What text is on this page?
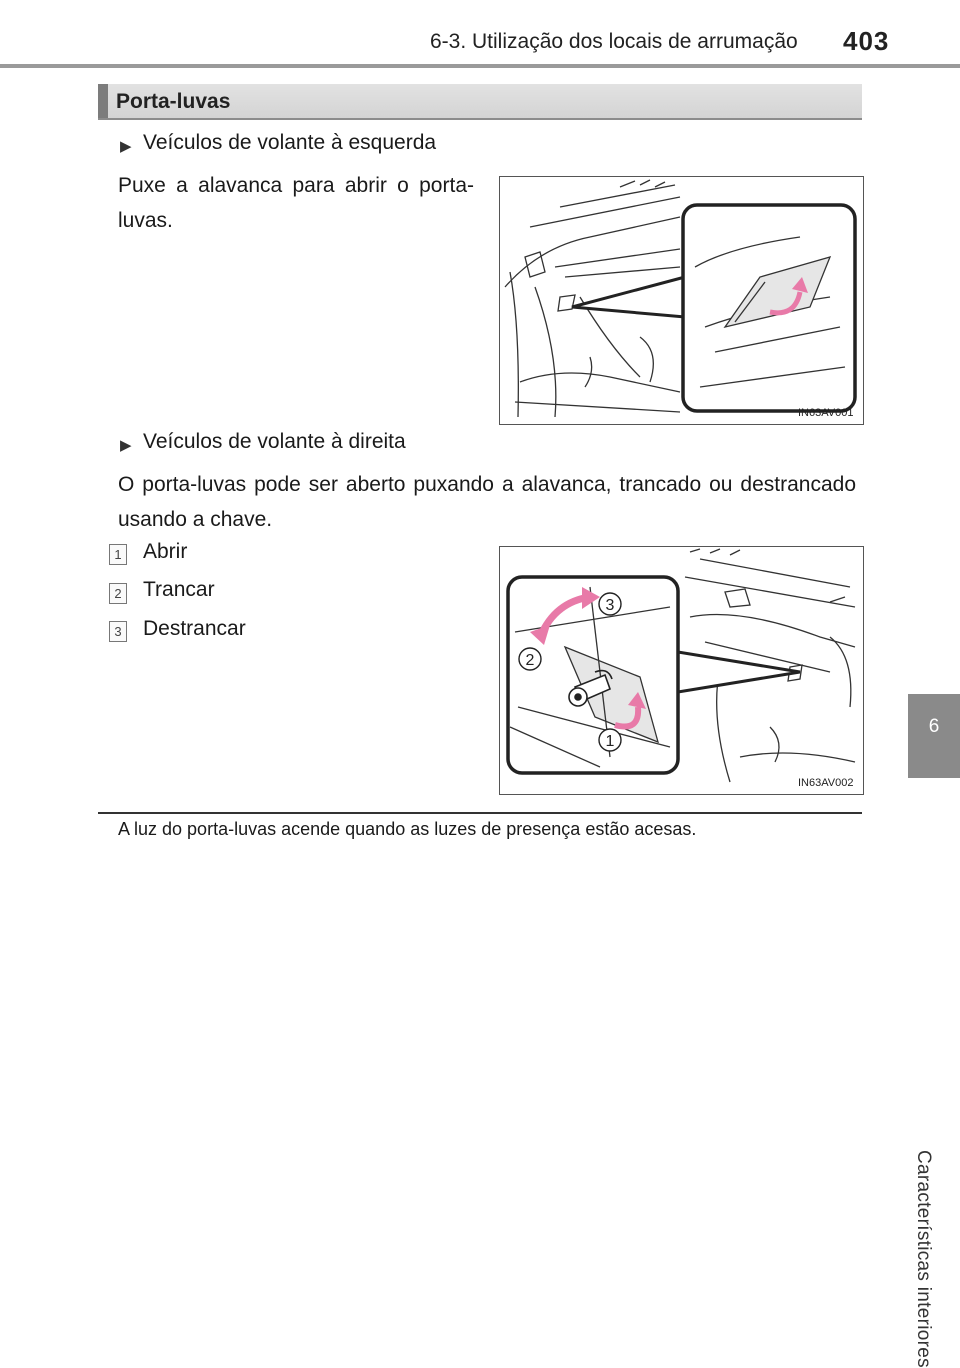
6-3. Utilização dos locais de arrumação 403
6
Características interiores
Porta-luvas
▶ Veículos de volante à esquerda
Puxe a alavanca para abrir o porta-luvas.
IN63AV001
▶ Veículos de volante à direita
O porta-luvas pode ser aberto puxando a alavanca, trancado ou destrancado usando a chave.
1 Abrir
2 Trancar
3 Destrancar
3
2
1
IN63AV002
A luz do porta-luvas acende quando as luzes de presença estão acesas.
